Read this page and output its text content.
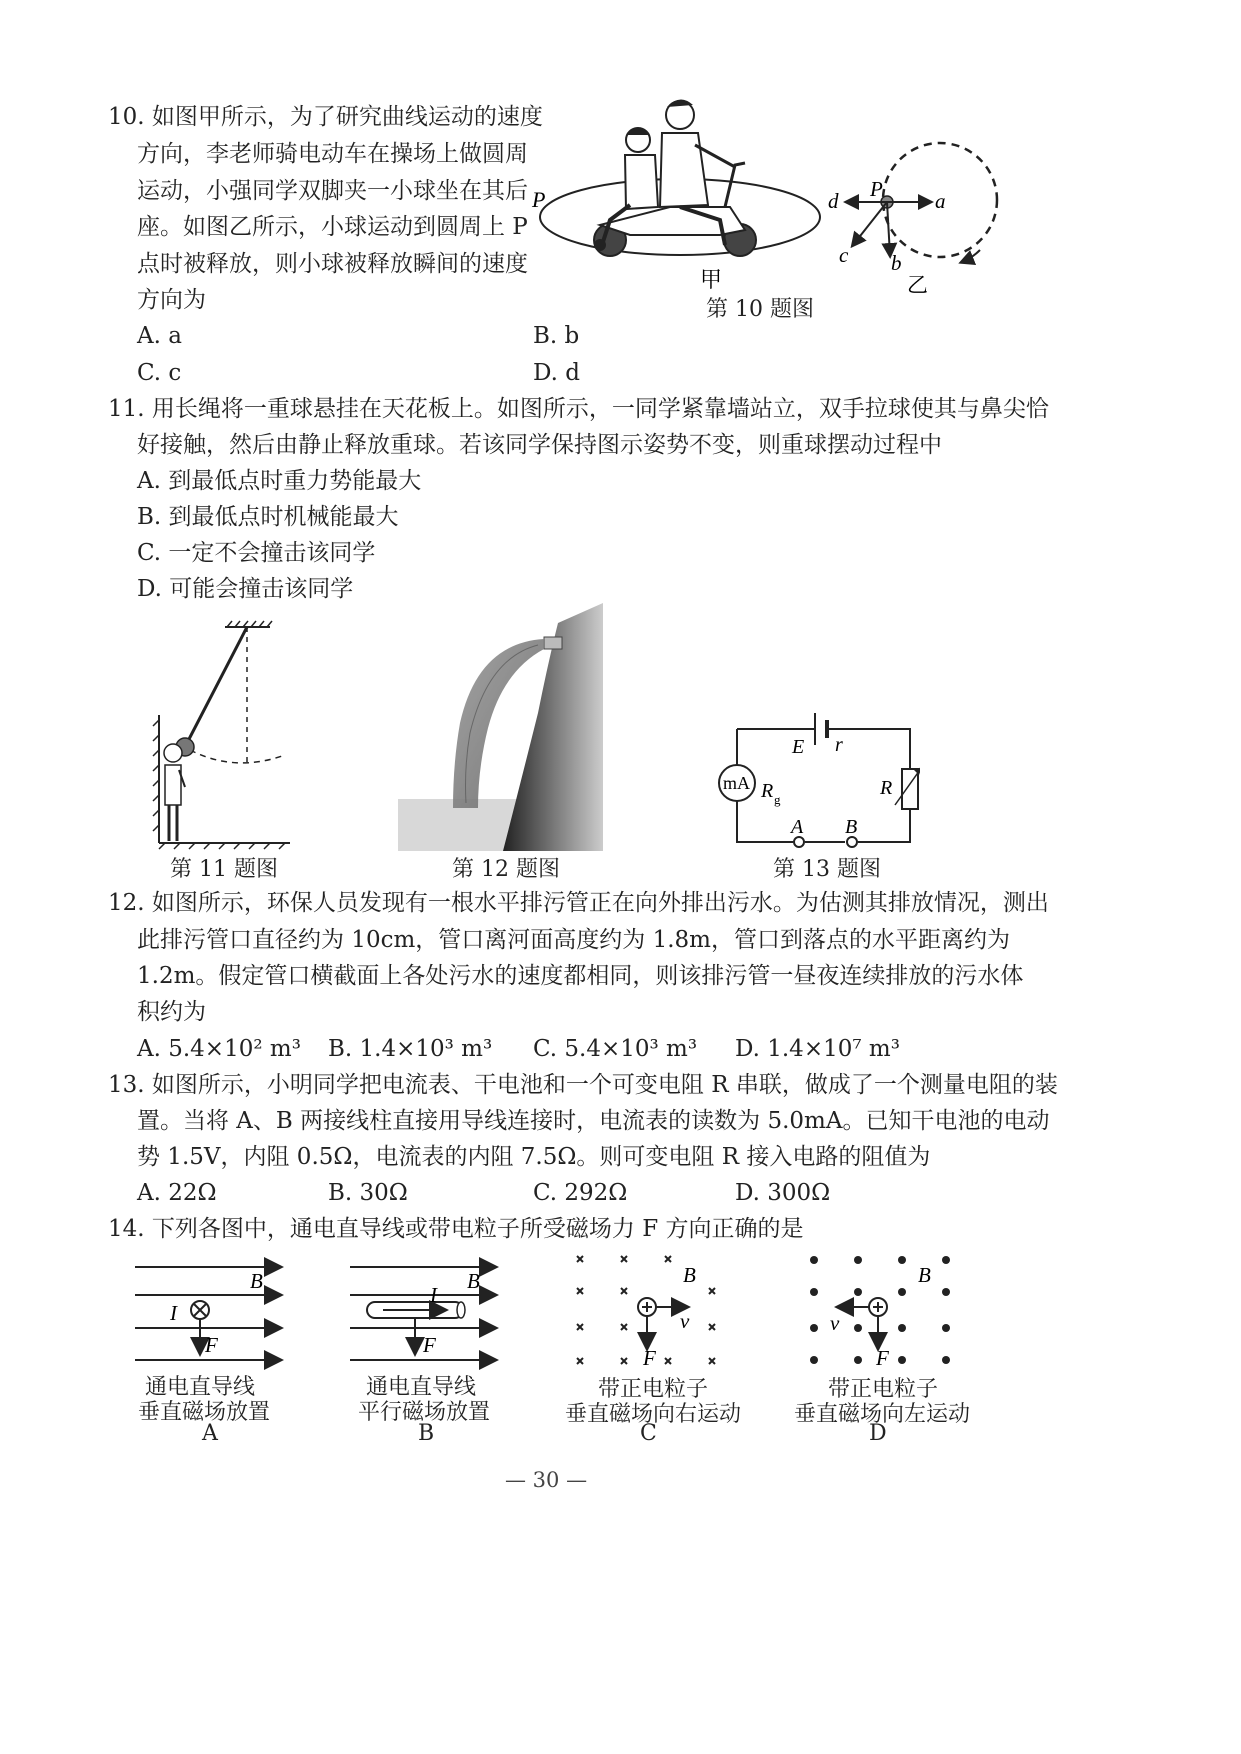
10. 如图甲所示，为了研究曲线运动的速度
方向，李老师骑电动车在操场上做圆周
运动，小强同学双脚夹一小球坐在其后
座。如图乙所示，小球运动到圆周上 P
点时被释放，则小球被释放瞬间的速度
方向为
A. a	B. b
C. c	D. d
P
甲
P a
b
c
d
乙
第 10 题图
11. 用长绳将一重球悬挂在天花板上。如图所示，一同学紧靠墙站立，双手拉球使其与鼻尖恰
好接触，然后由静止释放重球。若该同学保持图示姿势不变，则重球摆动过程中
A. 到最低点时重力势能最大
B. 到最低点时机械能最大
C. 一定不会撞击该同学
D. 可能会撞击该同学
第 11 题图	第 12 题图
mA
E r
R g
R
A B
第 13 题图
12. 如图所示，环保人员发现有一根水平排污管正在向外排出污水。为估测其排放情况，测出
此排污管口直径约为 10cm，管口离河面高度约为 1.8m，管口到落点的水平距离约为
1.2m。假定管口横截面上各处污水的速度都相同，则该排污管一昼夜连续排放的污水体
积约为
A. 5.4×10² m³ B. 1.4×10³ m³ C. 5.4×10³ m³ D. 1.4×10⁷ m³
13. 如图所示，小明同学把电流表、干电池和一个可变电阻 R 串联，做成了一个测量电阻的装
置。当将 A、B 两接线柱直接用导线连接时，电流表的读数为 5.0mA。已知干电池的电动
势 1.5V，内阻 0.5Ω，电流表的内阻 7.5Ω。则可变电阻 R 接入电路的阻值为
A. 22Ω	B. 30Ω	C. 292Ω	D. 300Ω
14. 下列各图中，通电直导线或带电粒子所受磁场力 F 方向正确的是
B
I
F
B
I
F
B
v
F
B
v
F
通电直导线
垂直磁场放置
A
通电直导线
平行磁场放置
B
带正电粒子
垂直磁场向右运动
C
带正电粒子
垂直磁场向左运动
D
— 30 —
